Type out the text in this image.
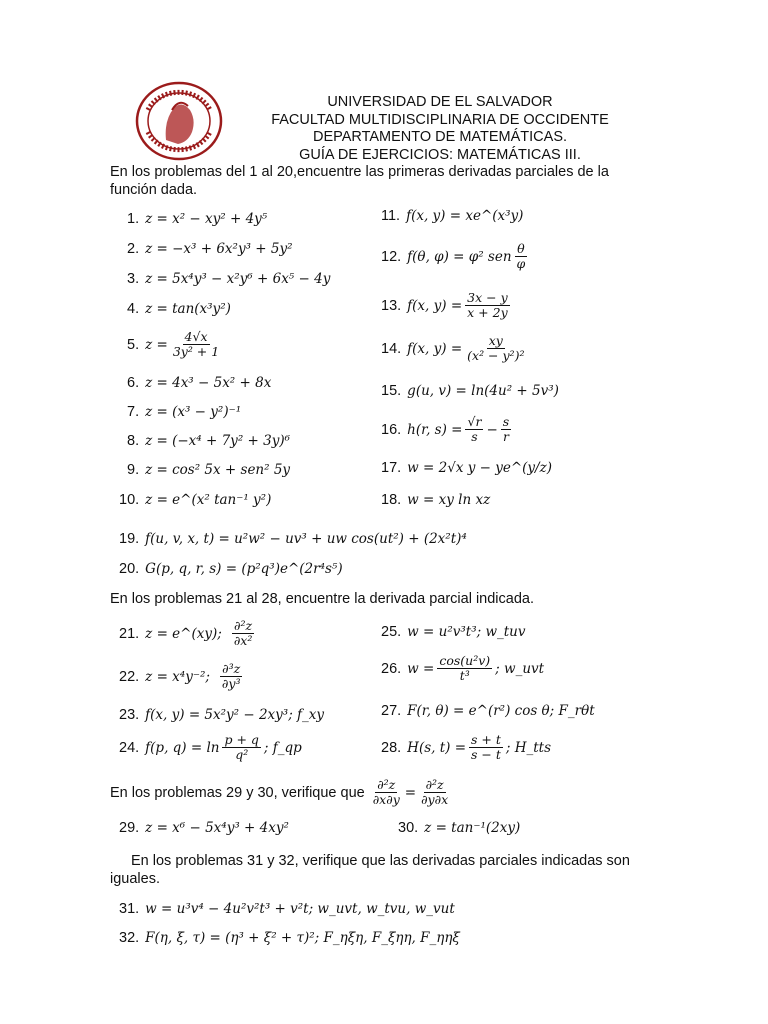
UNIVERSIDAD DE EL SALVADOR
FACULTAD MULTIDISCIPLINARIA DE OCCIDENTE
DEPARTAMENTO DE MATEMÁTICAS.
GUÍA DE EJERCICIOS: MATEMÁTICAS III.
En los problemas del 1 al 20,encuentre las primeras derivadas parciales de la
función dada.
1. z = x² − xy² + 4y⁵
2. z = −x³ + 6x²y³ + 5y²
3. z = 5x⁴y³ − x²y⁶ + 6x⁵ − 4y
4. z = tan(x³y²)
5. $z = \frac{4√x}{\text{3y² + 1}}$
6. z = 4x³ − 5x² + 8x
7. z = (x³ − y²)⁻¹
8. z = (−x⁴ + 7y² + 3y)⁶
9. z = cos² 5x + sen² 5y
10. z = e^(x² tan⁻¹ y²)
11. f(x, y) = xe^(x³y)
12. f(θ, φ) = φ² sen $\frac{\theta}{\varphi}$
13. f(x, $y) = \frac{3x - y}{x + 2y}$
14. f(x, $y) = \frac{xy}{\text{(x² − y²)²}}$
15. g(u, v) = ln(4u² + 5v³)
16. h(r, $s) = \frac{√r}{s} - \frac{s}{r}$
17. w = 2√x y − ye^(y/z)
18. w = xy ln xz
19. f(u, v, x, t) = u²w² − uv³ + uw cos(ut²) + (2x²t)⁴
20. G(p, q, r, s) = (p²q³)e^(2r⁴s⁵)
En los problemas 21 al 28, encuentre la derivada parcial indicada.
21. z = e^(xy); $\frac{\text{∂²z}}{\text{∂x²}}$
22. z = x⁴y⁻²; $\frac{\text{∂³z}}{\text{∂y³}}$
23. f(x, y) = 5x²y² − 2xy³; f_xy
24. f(p, $q) = \ln \frac{p + q}{\text{q²}}$ ; f_qp
25. w = u²v³t³; w_tuv
26. $w = \frac{\text{cos(u²v)}}{\text{t³}}$ ; w_uvt
27. F(r, θ) = e^(r²) cos θ; F_rθt
28. H(s, $t) = \frac{s + t}{s - t}$ ; H_tts
En los problemas 29 y 30, verifique que $\frac{\text{∂²z}}{\partial x\partial y} = \frac{\text{∂²z}}{\partial y\partial x}$
29. z = x⁶ − 5x⁴y³ + 4xy²	30. z = tan⁻¹(2xy)
En los problemas 31 y 32, verifique que las derivadas parciales indicadas son
iguales.
31. w = u³v⁴ − 4u²v²t³ + v²t; w_uvt, w_tvu, w_vut
32. F(η, ξ, τ) = (η³ + ξ² + τ)²; F_ηξη, F_ξηη, F_ηηξ
